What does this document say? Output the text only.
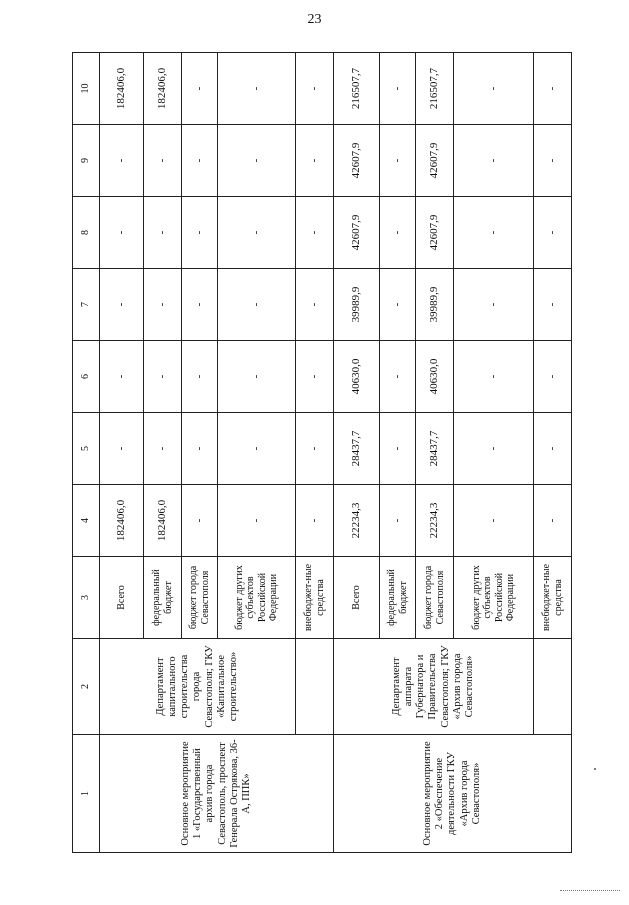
23
1	2	3	4	5	6	7	8	9	10
Основное мероприятие 1 «Государственный архив города Севастополь, проспект Генерала Острякова, 36-А, ППК»	Департамент капитального строительства города Севастополя; ГКУ «Капитальное строительство»	Всего	182406,0	-	-	-	-	-	182406,0
		федеральный бюджет	182406,0	-	-	-	-	-	182406,0
		бюджет города Севастополя	-	-	-	-	-	-	-
		бюджет других субъектов Российской Федерации	-	-	-	-	-	-	-
		внебюджет-ные средства	-	-	-	-	-	-	-
Основное мероприятие 2 «Обеспечение деятельности ГКУ «Архив города Севастополя»	Департамент аппарата Губернатора и Правительства Севастополя; ГКУ «Архив города Севастополя»	Всего	22234,3	28437,7	40630,0	39989,9	42607,9	42607,9	216507,7
		федеральный бюджет	-	-	-	-	-	-	-
		бюджет города Севастополя	22234,3	28437,7	40630,0	39989,9	42607,9	42607,9	216507,7
		бюджет других субъектов Российской Федерации	-	-	-	-	-	-	-
		внебюджет-ные средства	-	-	-	-	-	-	-
